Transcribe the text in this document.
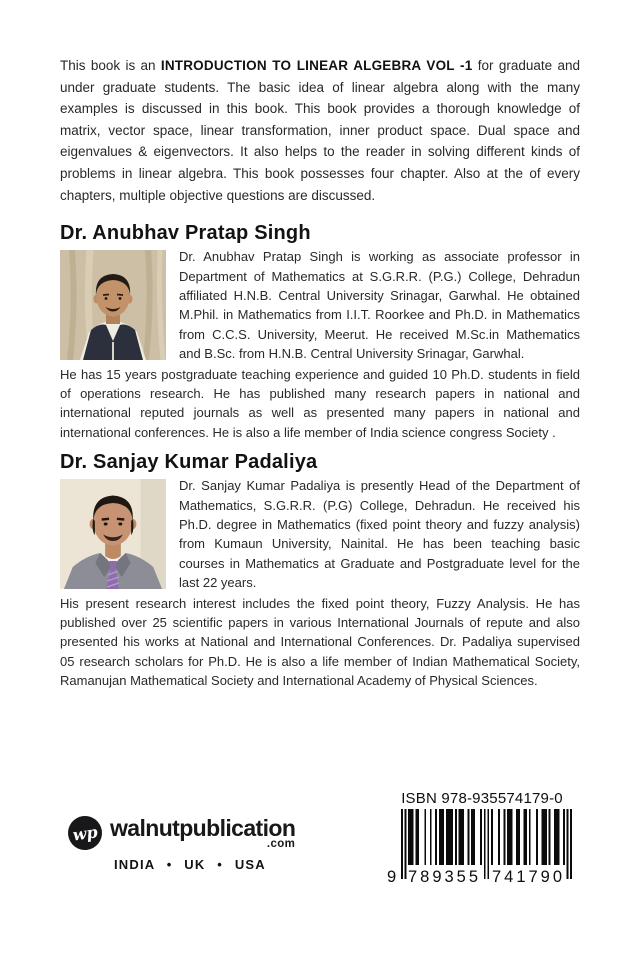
This book is an INTRODUCTION TO LINEAR ALGEBRA VOL -1 for graduate and under graduate students. The basic idea of linear algebra along with the many examples is discussed in this book. This book provides a thorough knowledge of matrix, vector space, linear transformation, inner product space. Dual space and eigenvalues & eigenvectors. It also helps to the reader in solving different kinds of problems in linear algebra. This book possesses four chapter. Also at the of every chapters, multiple objective questions are discussed.

Dr. Anubhav Pratap Singh

Dr. Anubhav Pratap Singh is working as associate professor in Department of Mathematics at S.G.R.R. (P.G.) College, Dehradun affiliated H.N.B. Central University Srinagar, Garwhal. He obtained M.Phil. in Mathematics from I.I.T. Roorkee and Ph.D. in Mathematics from C.C.S. University, Meerut. He received M.Sc.in Mathematics and B.Sc. from H.N.B. Central University Srinagar, Garwhal.

He has 15 years postgraduate teaching experience and guided 10 Ph.D. students in field of operations research. He has published many research papers in national and international reputed journals as well as presented many papers in national and international conferences. He is also a life member of India science congress Society .

Dr. Sanjay Kumar Padaliya

Dr. Sanjay Kumar Padaliya is presently Head of the Department of Mathematics, S.G.R.R. (P.G) College, Dehradun. He received his Ph.D. degree in Mathematics (fixed point theory and fuzzy analysis) from Kumaun University, Nainital. He has been teaching basic courses in Mathematics at Graduate and Postgraduate level for the last 22 years.

His present research interest includes the fixed point theory, Fuzzy Analysis. He has published over 25 scientific papers in various International Journals of repute and also presented his works at National and International Conferences. Dr. Padaliya supervised 05 research scholars for Ph.D. He is also a life member of Indian Mathematical Society, Ramanujan Mathematical Society and International Academy of Physical Sciences.

wp walnutpublication
.com
INDIA • UK • USA
ISBN 978-935574179-0
9 789355 741790
